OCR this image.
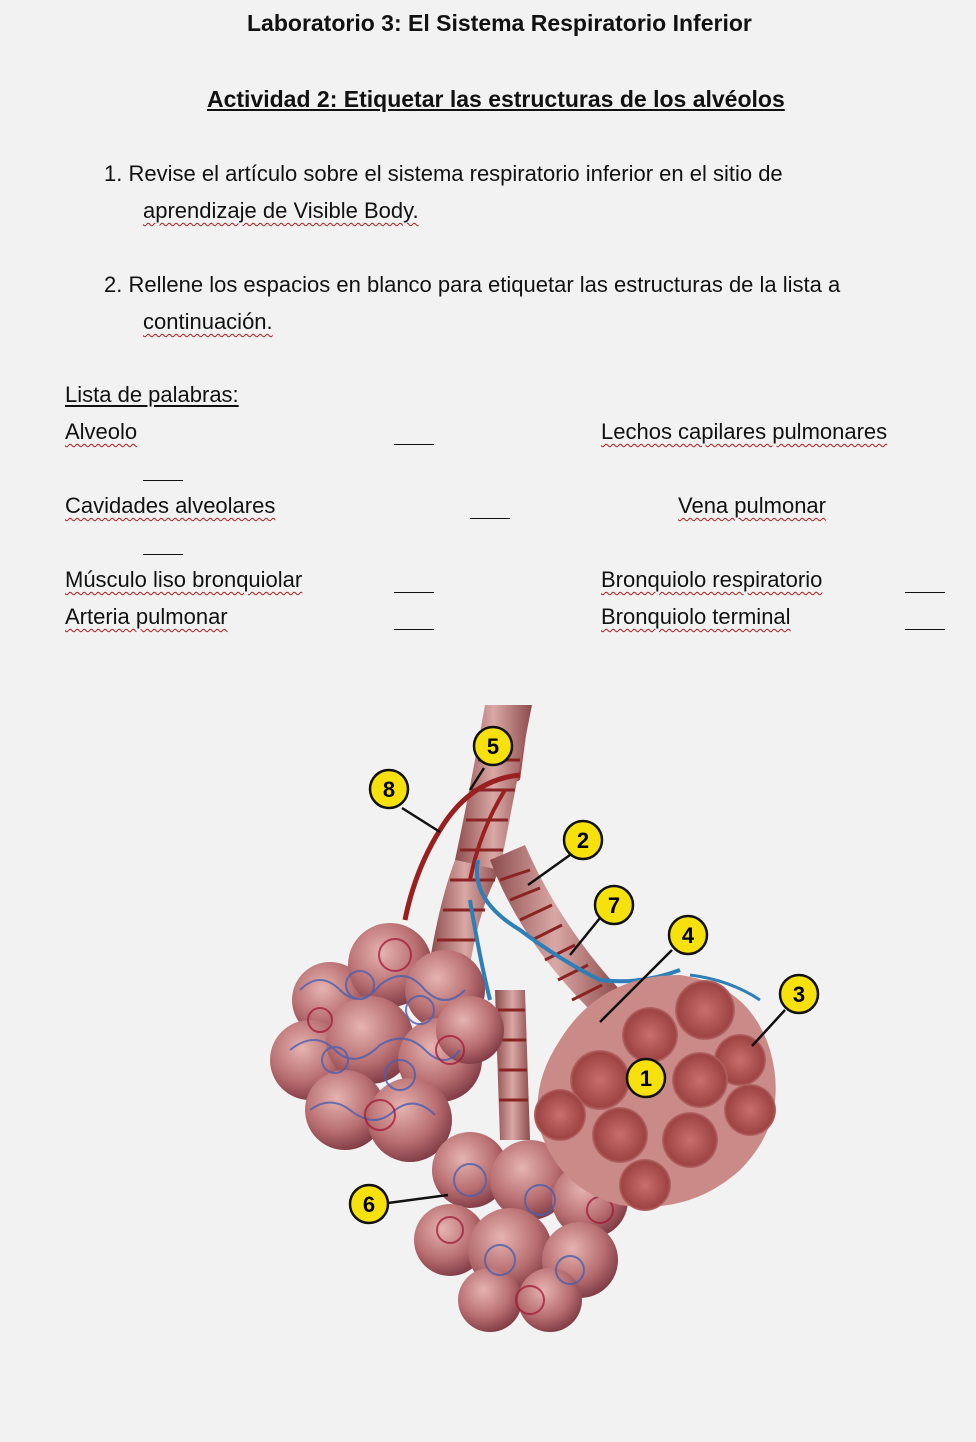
Laboratorio 3: El Sistema Respiratorio Inferior
Actividad 2: Etiquetar las estructuras de los alvéolos
1. Revise el artículo sobre el sistema respiratorio inferior en el sitio de
aprendizaje de Visible Body.
2. Rellene los espacios en blanco para etiquetar las estructuras de la lista a
continuación.
Lista de palabras:
Alveolo
Cavidades alveolares
Músculo liso bronquiolar
Arteria pulmonar
Lechos capilares pulmonares
Vena pulmonar
Bronquiolo respiratorio
Bronquiolo terminal
5
8
2
7
4
3
1
6
